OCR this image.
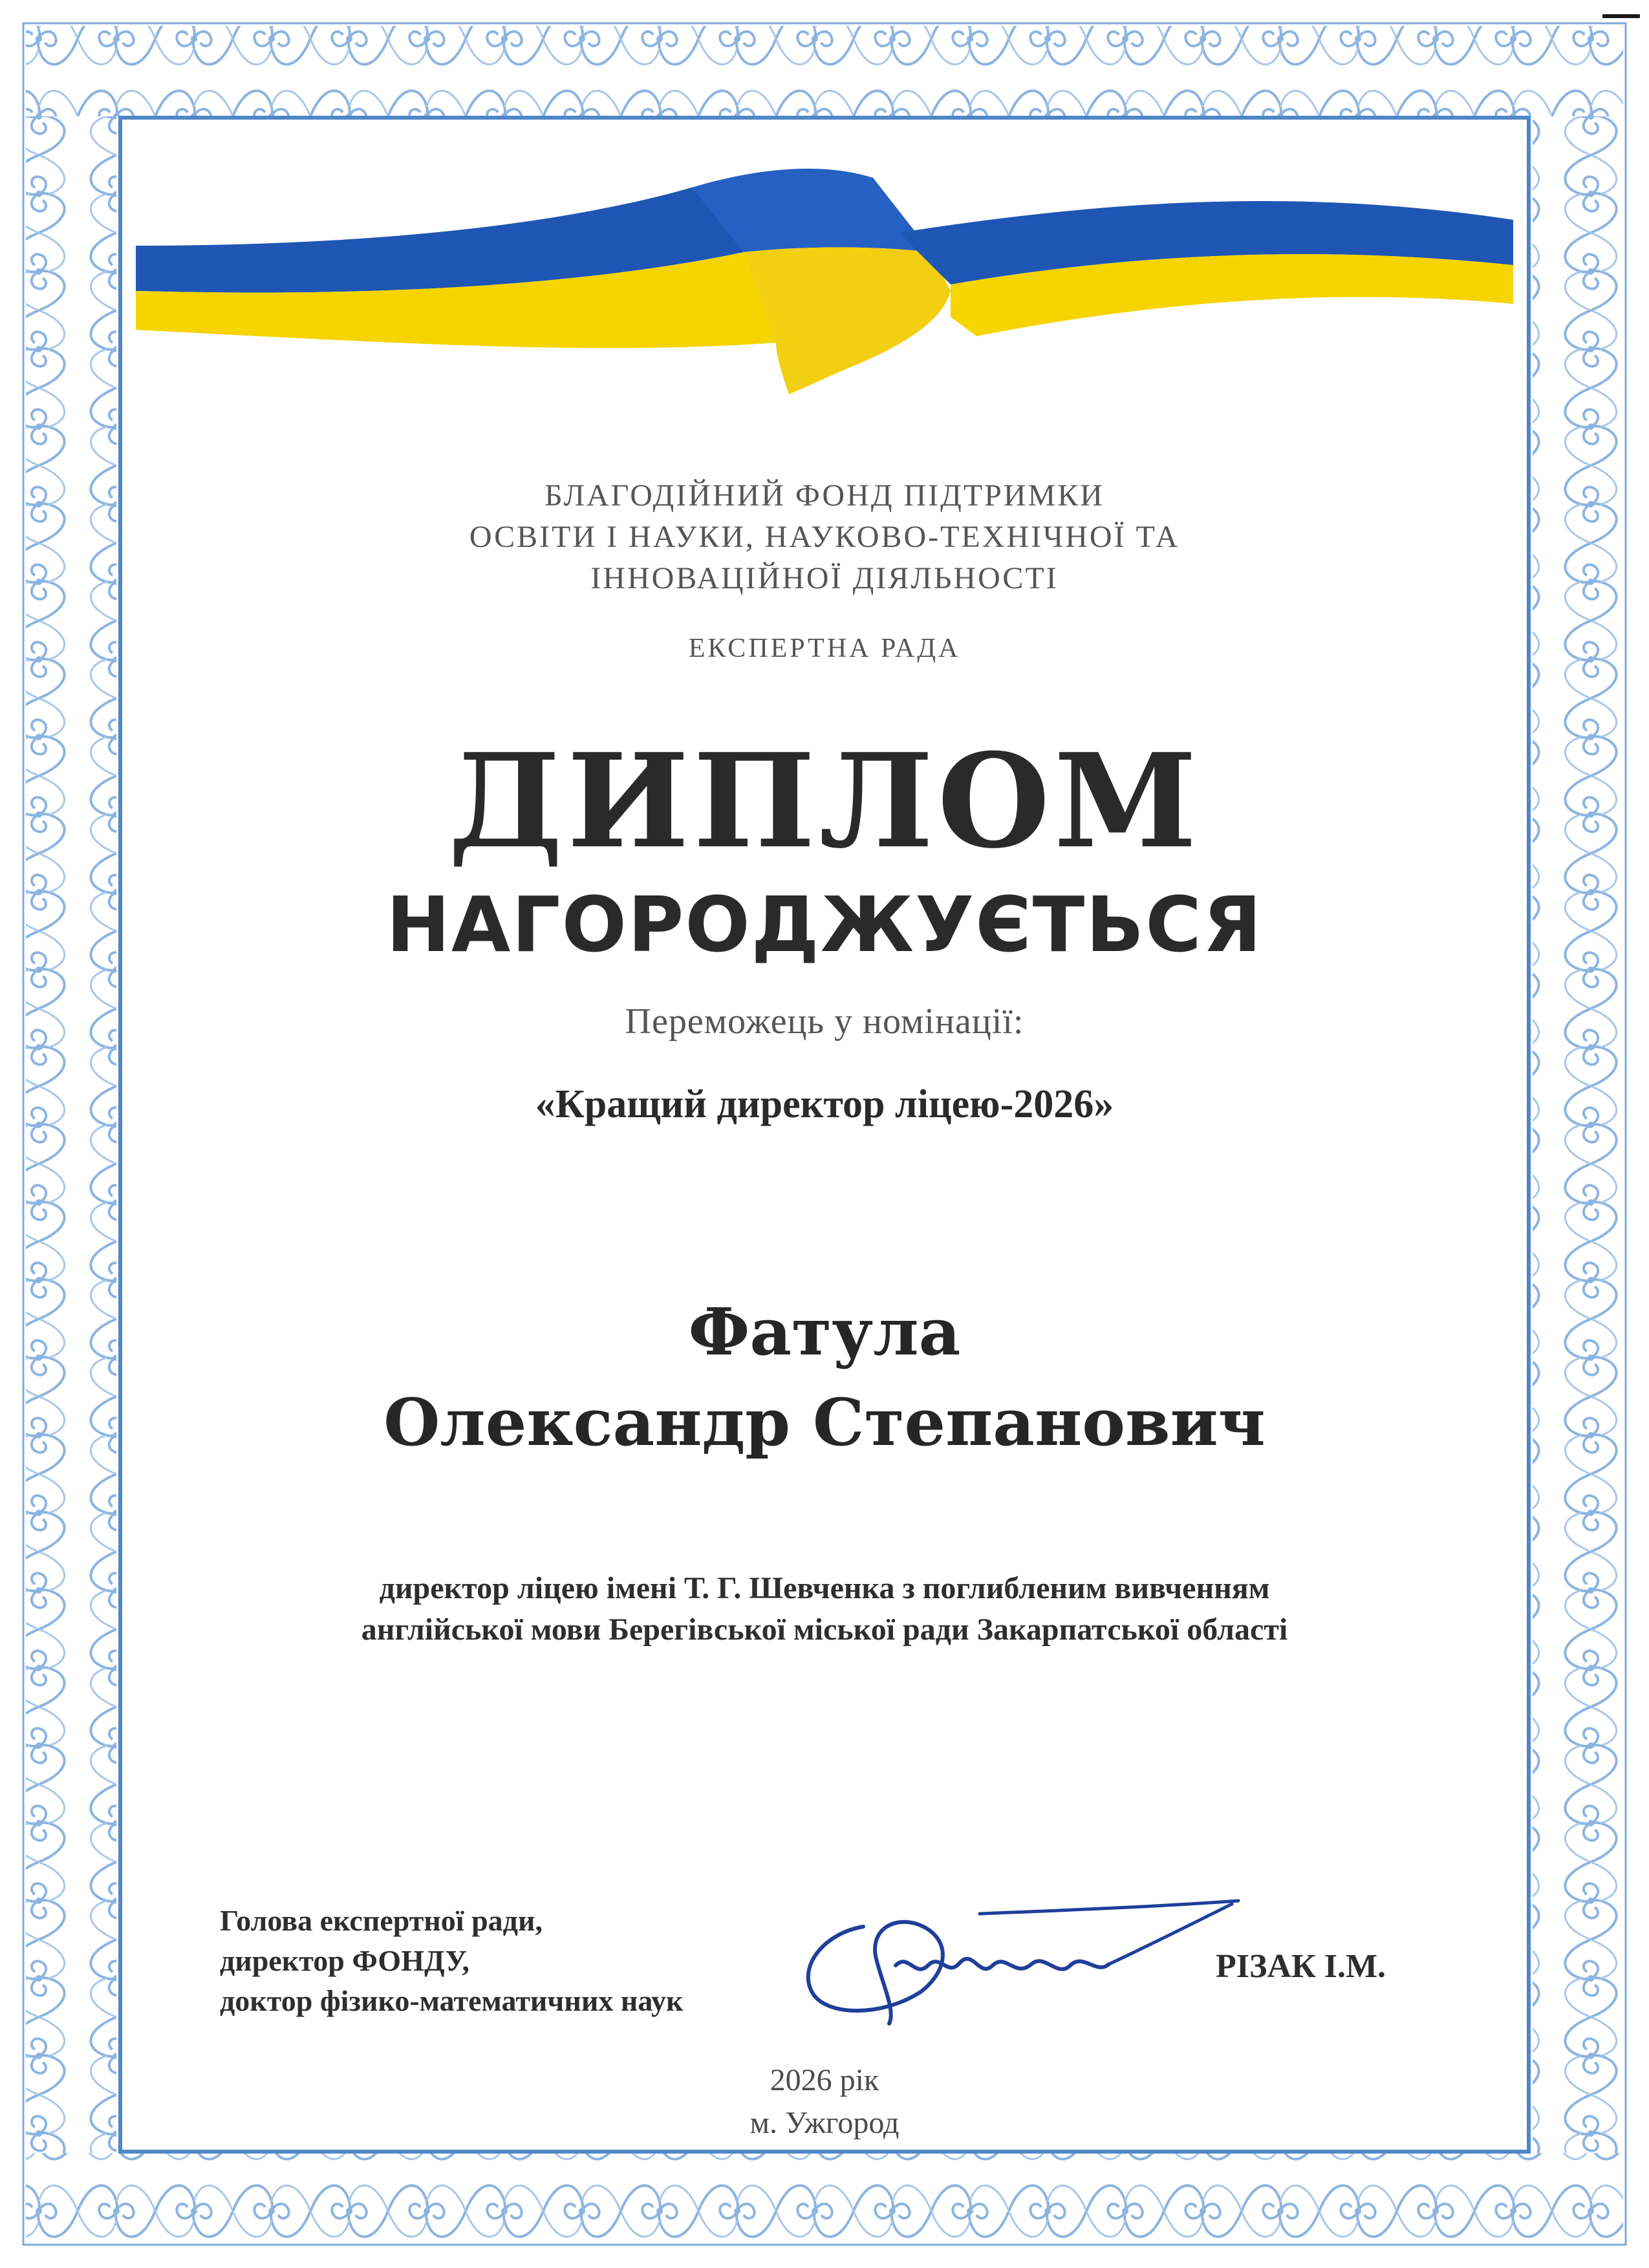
БЛАГОДІЙНИЙ ФОНД ПІДТРИМКИ
ОСВІТИ І НАУКИ, НАУКОВО-ТЕХНІЧНОЇ ТА
ІННОВАЦІЙНОЇ ДІЯЛЬНОСТІ
ЕКСПЕРТНА РАДА
ДИПЛОМ
НАГОРОДЖУЄТЬСЯ
Переможець у номінації:
«Кращий директор ліцею-2026»
Фатула
Олександр Степанович
директор ліцею імені Т. Г. Шевченка з поглибленим вивченням
англійської мови Берегівської міської ради Закарпатської області
Голова експертної ради,
директор ФОНДУ,
доктор фізико-математичних наук
РІЗАК І.М.
2026 рік
м. Ужгород
